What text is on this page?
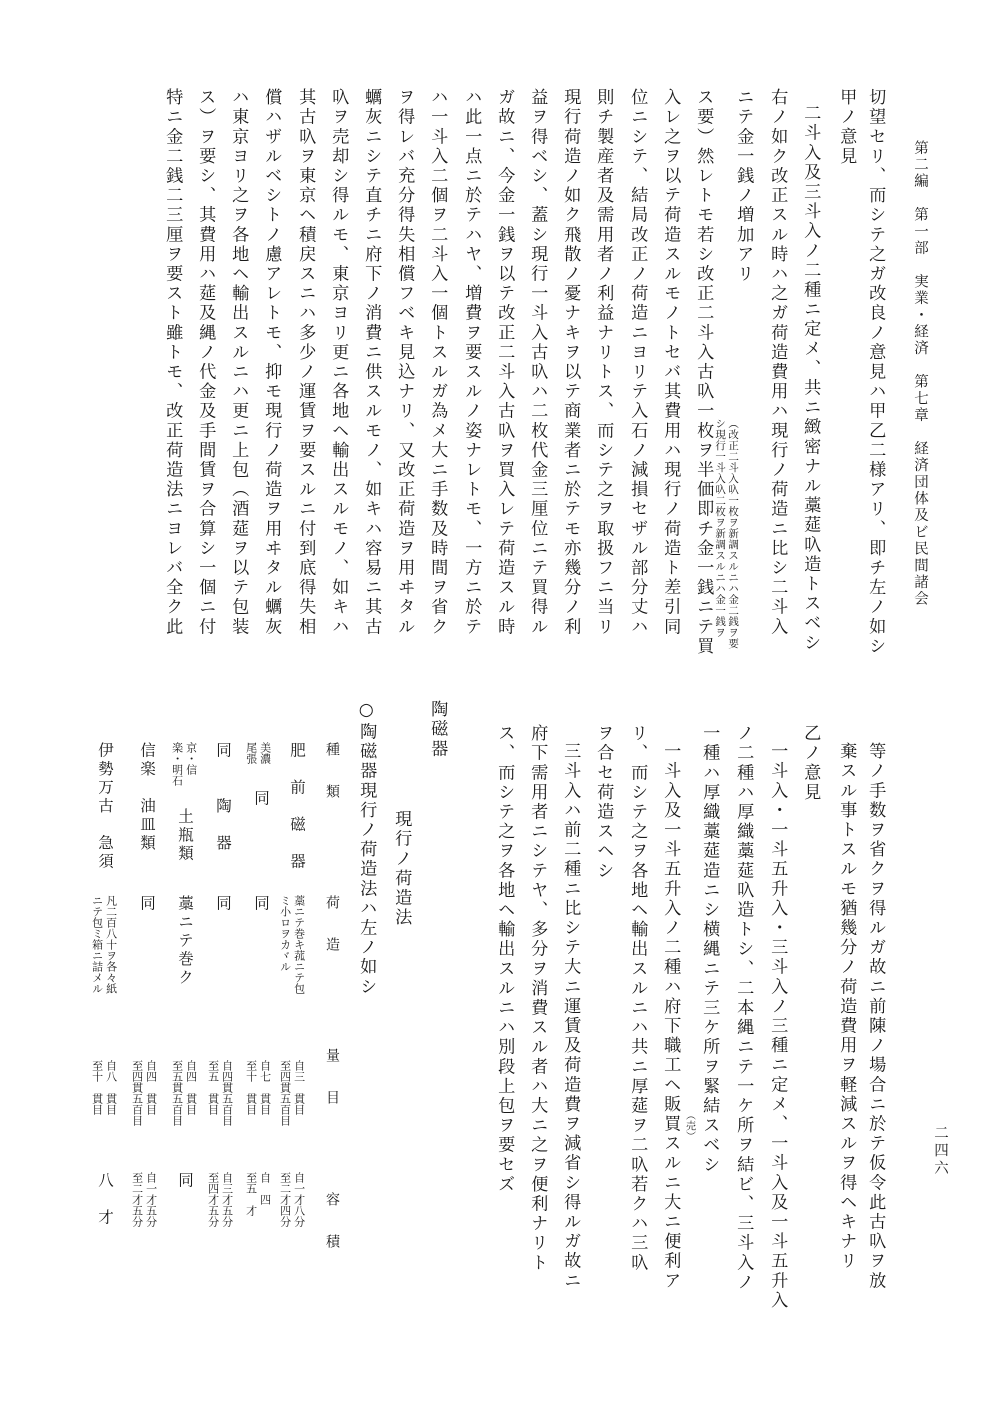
第二編　第一部　実業・経済　第七章　経済団体及ビ民間諸会
二四六
切望セリ、而シテ之ガ改良ノ意見ハ甲乙二様アリ、即チ左ノ如シ
甲ノ意見
二斗入及三斗入ノ二種ニ定メ、共ニ緻密ナル藁莚叺造トスベシ
右ノ如ク改正スル時ハ之ガ荷造費用ハ現行ノ荷造ニ比シ二斗入
ニテ金一銭ノ増加アリ
（改正二斗入叺一枚ヲ新調スルニハ金二銭ヲ要
シ現行一斗入叺二枚ヲ新調スルニハ金一銭ヲ
ス要）然レトモ若シ改正二斗入古叺一枚ヲ半価即チ金一銭ニテ買
入レ之ヲ以テ荷造スルモノトセバ其費用ハ現行ノ荷造ト差引同
位ニシテ、結局改正ノ荷造ニヨリテ入石ノ減損セザル部分丈ハ
則チ製産者及需用者ノ利益ナリトス、而シテ之ヲ取扱フニ当リ
現行荷造ノ如ク飛散ノ憂ナキヲ以テ商業者ニ於テモ亦幾分ノ利
益ヲ得ベシ、蓋シ現行一斗入古叺ハ二枚代金三厘位ニテ買得ル
ガ故ニ、今金一銭ヲ以テ改正二斗入古叺ヲ買入レテ荷造スル時
ハ此一点ニ於テハヤ、増費ヲ要スルノ姿ナレトモ、一方ニ於テ
ハ一斗入二個ヲ二斗入一個トスルガ為メ大ニ手数及時間ヲ省ク
ヲ得レバ充分得失相償フベキ見込ナリ、又改正荷造ヲ用ヰタル
蠣灰ニシテ直チニ府下ノ消費ニ供スルモノ、如キハ容易ニ其古
叺ヲ売却シ得ルモ、東京ヨリ更ニ各地ヘ輸出スルモノ、如キハ
其古叺ヲ東京ヘ積戻スニハ多少ノ運賃ヲ要スルニ付到底得失相
償ハザルベシトノ慮アレトモ、抑モ現行ノ荷造ヲ用ヰタル蠣灰
ハ東京ヨリ之ヲ各地ヘ輸出スルニハ更ニ上包（酒莚ヲ以テ包装
ス）ヲ要シ、其費用ハ莚及縄ノ代金及手間賃ヲ合算シ一個ニ付
特ニ金二銭二三厘ヲ要スト雖トモ、改正荷造法ニヨレバ全ク此
等ノ手数ヲ省クヲ得ルガ故ニ前陳ノ場合ニ於テ仮令此古叺ヲ放
棄スル事トスルモ猶幾分ノ荷造費用ヲ軽減スルヲ得ヘキナリ
乙ノ意見
一斗入・一斗五升入・三斗入ノ三種ニ定メ、一斗入及一斗五升入
ノ二種ハ厚織藁莚叺造トシ、二本縄ニテ一ケ所ヲ結ビ、三斗入ノ
一種ハ厚織藁莚造ニシ横縄ニテ三ケ所ヲ緊結スベシ
一斗入及一斗五升入ノ二種ハ府下職工ヘ販買スルニ大ニ便利ア （売）
リ、而シテ之ヲ各地ヘ輸出スルニハ共ニ厚莚ヲ二叺若クハ三叺
ヲ合セ荷造スヘシ
三斗入ハ前二種ニ比シテ大ニ運賃及荷造費ヲ減省シ得ルガ故ニ
府下需用者ニシテヤ、多分ヲ消費スル者ハ大ニ之ヲ便利ナリト
ス、而シテ之ヲ各地ヘ輸出スルニハ別段上包ヲ要セズ
陶磁器
現行ノ荷造法
○陶磁器現行ノ荷造法ハ左ノ如シ
種　　類
荷　　造
量　　目
容　　積
肥　前　磁　器
藁ニテ巻キ菰ニテ包
ミ小ロヲカヾル
自三　貫目
至四貫五百目
自一才八分
至二才四分
美濃
尾張
同
同
自七　貫目
至十　貫目
自　四
至五　才
同　　陶　器
同
自四貫五百目
至五　貫目
自三才五分
至四才五分
京・信
楽・明石
土瓶類
藁ニテ巻ク
自四　貫目
至五貫五百目
同
信楽　油皿類
同
自四　貫目
至四貫五百目
自一才五分
至二才五分
伊勢万古　急須
凡二百八十ヲ各々紙
ニテ包ミ箱ニ詰メル
自八　貫目
至十　貫目
八　才
